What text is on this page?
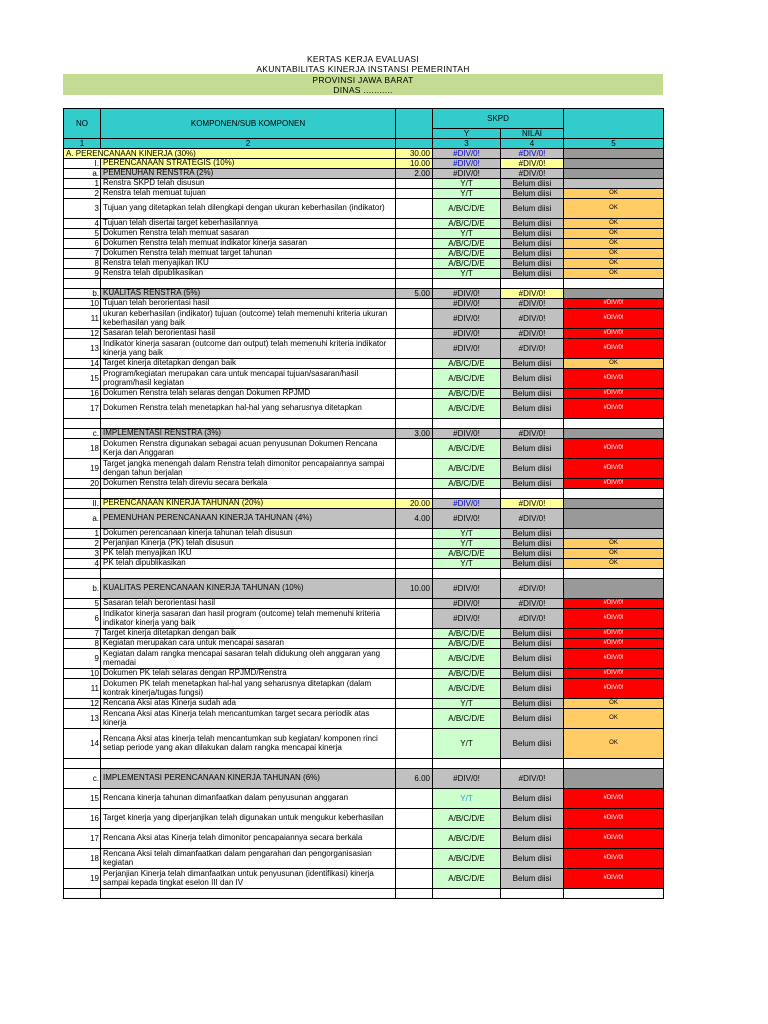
KERTAS KERJA EVALUASI
AKUNTABILITAS KINERJA INSTANSI PEMERINTAH
PROVINSI JAWA BARAT
DINAS ...........
NO	KOMPONEN/SUB KOMPONEN		SKPD		
			Y	NILAI	
1	2		3	4	5
A. PERENCANAAN KINERJA (30%)		30.00	#DIV/0!	#DIV/0!	
I.	PERENCANAAN STRATEGIS (10%)	10.00	#DIV/0!	#DIV/0!	
a.	PEMENUHAN RENSTRA (2%)	2.00	#DIV/0!	#DIV/0!	
1	Renstra SKPD telah disusun		Y/T	Belum diisi	
2	Renstra telah memuat tujuan		Y/T	Belum diisi	OK
3	Tujuan yang ditetapkan telah dilengkapi dengan ukuran keberhasilan (indikator)		A/B/C/D/E	Belum diisi	OK
4	Tujuan telah disertai target keberhasilannya		A/B/C/D/E	Belum diisi	OK
5	Dokumen Renstra telah memuat sasaran		Y/T	Belum diisi	OK
6	Dokumen Renstra telah memuat indikator kinerja sasaran		A/B/C/D/E	Belum diisi	OK
7	Dokumen Renstra telah memuat target tahunan		A/B/C/D/E	Belum diisi	OK
8	Renstra telah menyajikan IKU		A/B/C/D/E	Belum diisi	OK
9	Renstra telah dipublikasikan		Y/T	Belum diisi	OK

b.	KUALITAS RENSTRA (5%)	5.00	#DIV/0!	#DIV/0!	
10	Tujuan telah berorientasi hasil		#DIV/0!	#DIV/0!	#DIV/0!
11	ukuran keberhasilan (indikator) tujuan (outcome) telah memenuhi kriteria ukuran keberhasilan yang baik		#DIV/0!	#DIV/0!	#DIV/0!
12	Sasaran telah berorientasi hasil		#DIV/0!	#DIV/0!	#DIV/0!
13	Indikator kinerja sasaran (outcome dan output) telah memenuhi kriteria indikator kinerja yang baik		#DIV/0!	#DIV/0!	#DIV/0!
14	Target kinerja ditetapkan dengan baik		A/B/C/D/E	Belum diisi	OK
15	Program/kegiatan merupakan cara untuk mencapai tujuan/sasaran/hasil program/hasil kegiatan		A/B/C/D/E	Belum diisi	#DIV/0!
16	Dokumen Renstra telah selaras dengan Dokumen RPJMD		A/B/C/D/E	Belum diisi	#DIV/0!
17	Dokumen Renstra telah menetapkan hal-hal yang seharusnya ditetapkan		A/B/C/D/E	Belum diisi	#DIV/0!

c.	IMPLEMENTASI RENSTRA (3%)	3.00	#DIV/0!	#DIV/0!	
18	Dokumen Renstra digunakan sebagai acuan penyusunan Dokumen Rencana Kerja dan Anggaran		A/B/C/D/E	Belum diisi	#DIV/0!
19	Target jangka menengah dalam Renstra telah dimonitor pencapaiannya sampai dengan tahun berjalan		A/B/C/D/E	Belum diisi	#DIV/0!
20	Dokumen Renstra telah direviu secara berkala		A/B/C/D/E	Belum diisi	#DIV/0!

II.	PERENCANAAN KINERJA TAHUNAN (20%)	20.00	#DIV/0!	#DIV/0!	
a.	PEMENUHAN PERENCANAAN KINERJA TAHUNAN (4%)	4.00	#DIV/0!	#DIV/0!	
1	Dokumen perencanaan kinerja tahunan telah disusun		Y/T	Belum diisi	
2	Perjanjian Kinerja (PK) telah disusun		Y/T	Belum diisi	OK
3	PK telah menyajikan IKU		A/B/C/D/E	Belum diisi	OK
4	PK telah dipublikasikan		Y/T	Belum diisi	OK

b.	KUALITAS PERENCANAAN KINERJA TAHUNAN (10%)	10.00	#DIV/0!	#DIV/0!	
5	Sasaran telah berorientasi hasil		#DIV/0!	#DIV/0!	#DIV/0!
6	Indikator kinerja sasaran dan hasil program (outcome) telah memenuhi kriteria indikator kinerja yang baik		#DIV/0!	#DIV/0!	#DIV/0!
7	Target kinerja ditetapkan dengan baik		A/B/C/D/E	Belum diisi	#DIV/0!
8	Kegiatan merupakan cara untuk mencapai sasaran		A/B/C/D/E	Belum diisi	#DIV/0!
9	Kegiatan dalam rangka mencapai sasaran telah didukung oleh anggaran yang memadai		A/B/C/D/E	Belum diisi	#DIV/0!
10	Dokumen PK telah selaras dengan RPJMD/Renstra		A/B/C/D/E	Belum diisi	#DIV/0!
11	Dokumen PK telah menetapkan hal-hal yang seharusnya ditetapkan (dalam kontrak kinerja/tugas fungsi)		A/B/C/D/E	Belum diisi	#DIV/0!
12	Rencana Aksi atas Kinerja sudah ada		Y/T	Belum diisi	OK
13	Rencana Aksi atas Kinerja telah mencantumkan target secara periodik atas kinerja		A/B/C/D/E	Belum diisi	OK
14	Rencana Aksi atas kinerja telah mencantumkan sub kegiatan/ komponen rinci setiap periode yang akan dilakukan dalam rangka mencapai kinerja		Y/T	Belum diisi	OK

c.	IMPLEMENTASI PERENCANAAN KINERJA TAHUNAN (6%)	6.00	#DIV/0!	#DIV/0!	
15	Rencana kinerja tahunan dimanfaatkan dalam penyusunan anggaran		Y/T	Belum diisi	#DIV/0!
16	Target kinerja yang diperjanjikan telah digunakan untuk mengukur keberhasilan		A/B/C/D/E	Belum diisi	#DIV/0!
17	Rencana Aksi atas Kinerja telah dimonitor pencapaiannya secara berkala		A/B/C/D/E	Belum diisi	#DIV/0!
18	Rencana Aksi telah dimanfaatkan dalam pengarahan dan pengorganisasian kegiatan		A/B/C/D/E	Belum diisi	#DIV/0!
19	Perjanjian Kinerja telah dimanfaatkan untuk penyusunan (identifikasi) kinerja sampai kepada tingkat eselon III dan IV		A/B/C/D/E	Belum diisi	#DIV/0!
